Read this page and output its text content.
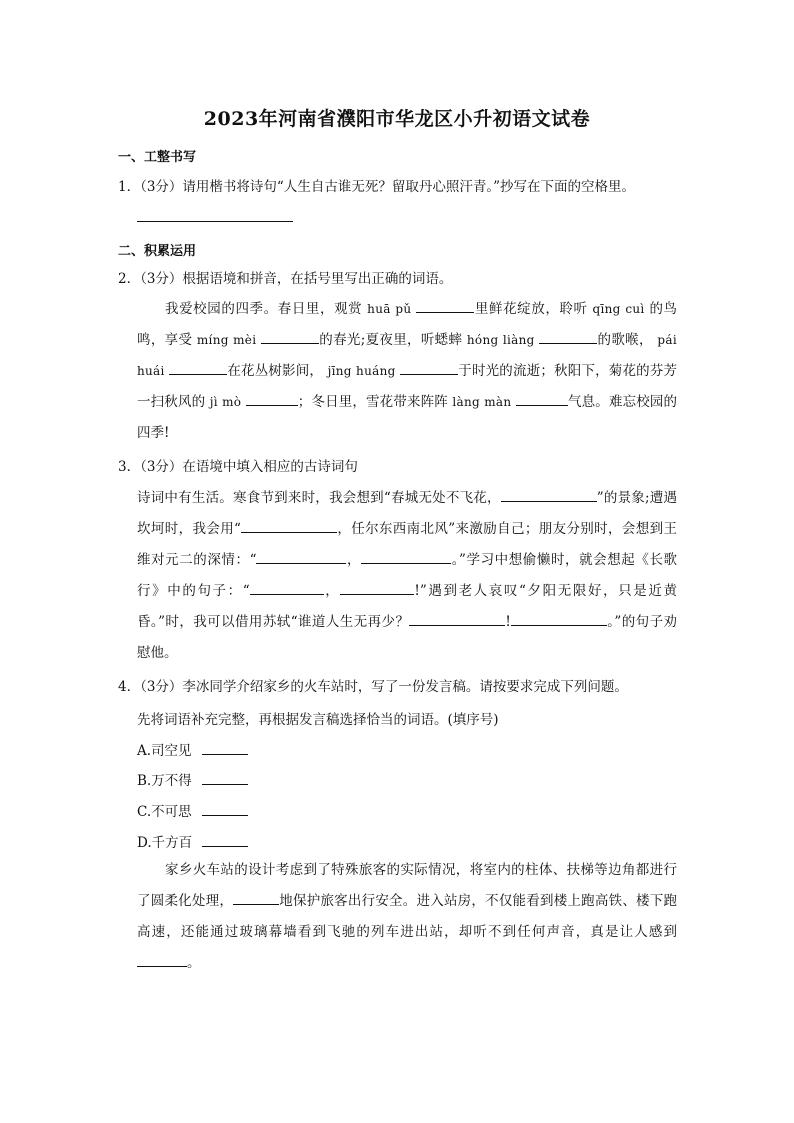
2023年河南省濮阳市华龙区小升初语文试卷
一、工整书写
1．（3分）请用楷书将诗句“人生自古谁无死？留取丹心照汗青。”抄写在下面的空格里。
二、积累运用
2．（3分）根据语境和拼音，在括号里写出正确的词语。
我爱校园的四季。春日里，观赏 huā pǔ	里鲜花绽放，聆听 qīng cuì 的鸟鸣，享受 míng mèi	的春光;夏夜里，听蟋蟀 hóng liàng	的歌喉， pái huái	在花丛树影间， jīng huáng	于时光的流逝；秋阳下，菊花的芬芳一扫秋风的 jì mò	；冬日里，雪花带来阵阵 làng màn	气息。难忘校园的四季!
3．（3分）在语境中填入相应的古诗词句
诗词中有生活。寒食节到来时，我会想到“春城无处不飞花，	”的景象;遭遇坎坷时，我会用“	，任尔东西南北风”来激励自己；朋友分别时，会想到王维对元二的深情：“	，	。”学习中想偷懒时，就会想起《长歌行》中的句子：“	，	!”遇到老人哀叹“夕阳无限好，只是近黄昏。”时，我可以借用苏轼“谁道人生无再少？	!	。”的句子劝慰他。
4．（3分）李冰同学介绍家乡的火车站时，写了一份发言稿。请按要求完成下列问题。
先将词语补充完整，再根据发言稿选择恰当的词语。(填序号)
A.司空见
B.万不得
C.不可思
D.千方百
家乡火车站的设计考虑到了特殊旅客的实际情况，将室内的柱体、扶梯等边角都进行了圆柔化处理，	地保护旅客出行安全。进入站房，不仅能看到楼上跑高铁、楼下跑高速，还能通过玻璃幕墙看到飞驰的列车进出站，却听不到任何声音，真是让人感到 。
